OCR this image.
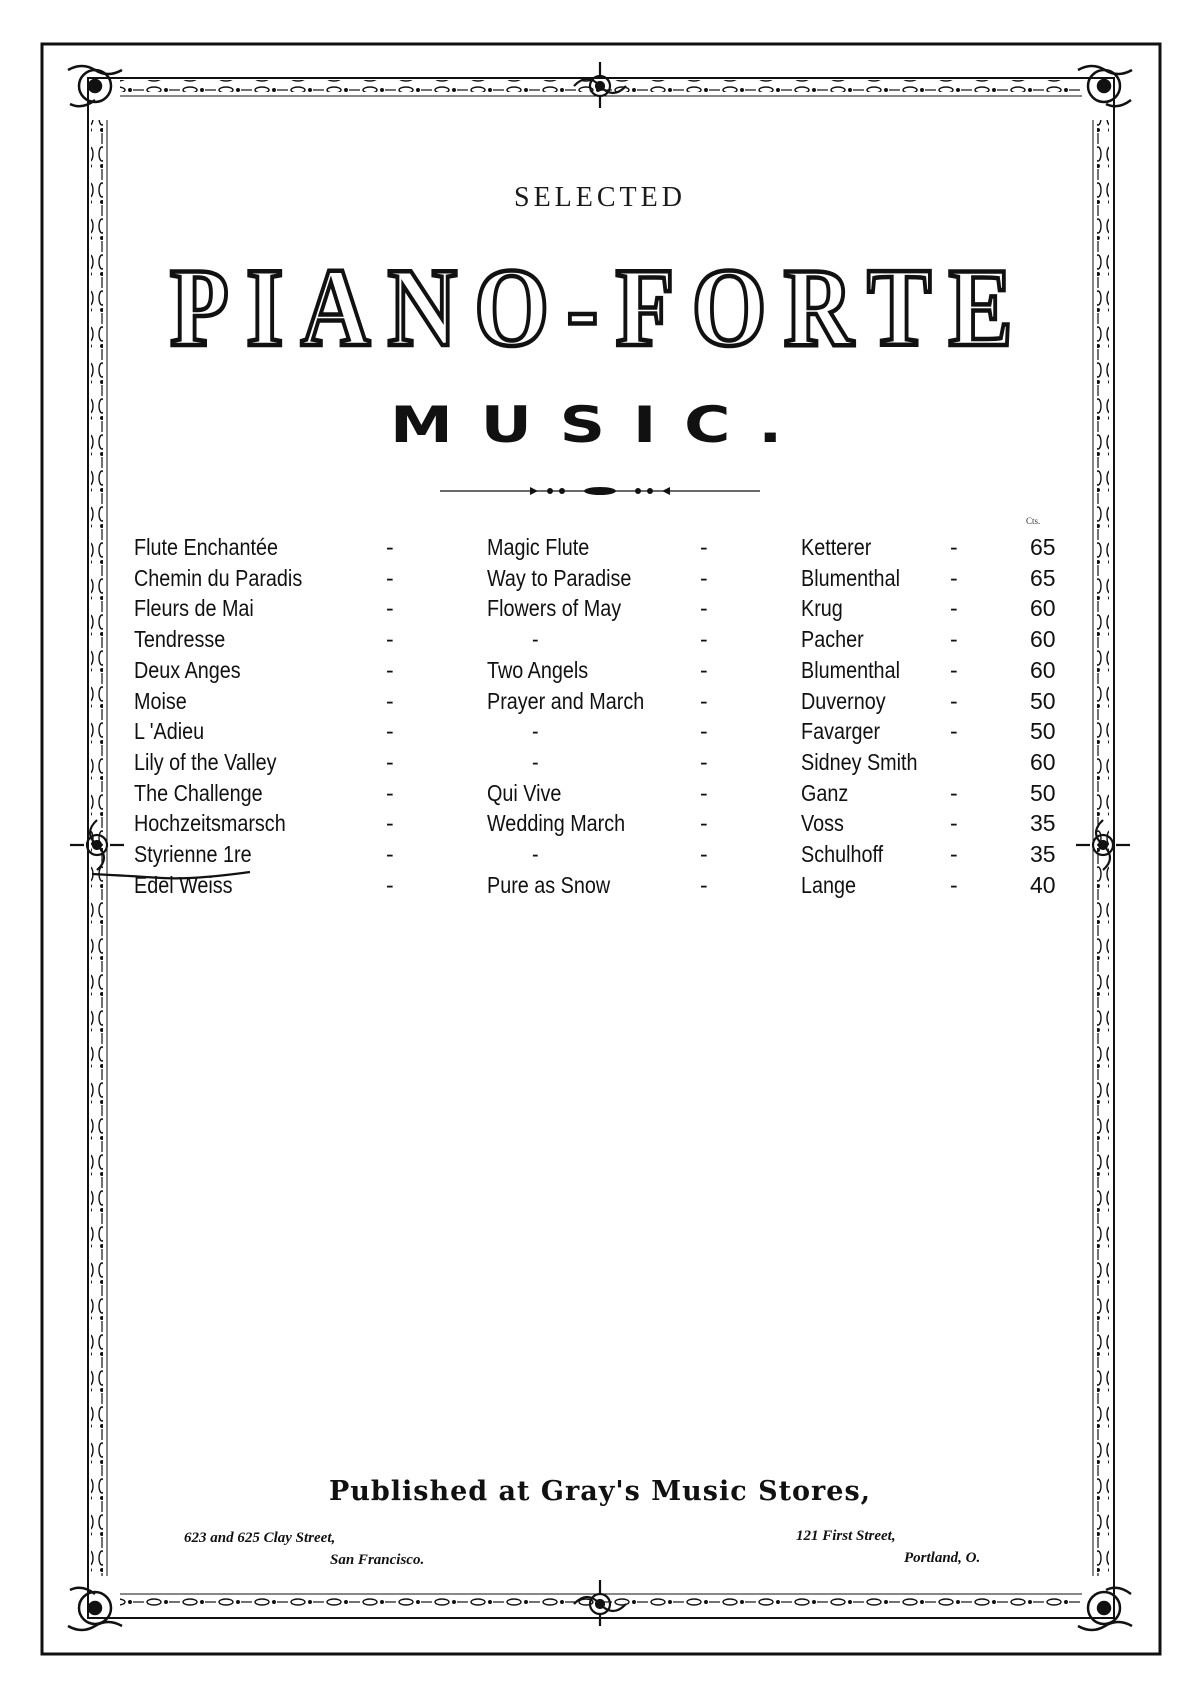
SELECTED
PIANO-FORTE
MUSIC.
Cts.
Flute Enchantée	-	Magic Flute	-	Ketterer	-	65
Chemin du Paradis	-	Way to Paradise	-	Blumenthal -	65
Fleurs de Mai	-	Flowers of May	-	Krug	-	60
Tendresse	-	-	-	Pacher	-	60
Deux Anges	-	Two Angels	-	Blumenthal -	60
Moise	-	Prayer and March -	Duvernoy	-	50
L 'Adieu	-	-	-	Favarger	-	50
Lily of the Valley	-	-	-	Sidney Smith	60
The Challenge	-	Qui Vive	-	Ganz	-	50
Hochzeitsmarsch	-	Wedding March	-	Voss	-	35
Styrienne 1re	-	-	-	Schulhoff	-	35
Edel Weiss	-	Pure as Snow	-	Lange	-	40
Published at Gray's Music Stores,
623 and 625 Clay Street,
San Francisco.
121 First Street,
Portland, O.
